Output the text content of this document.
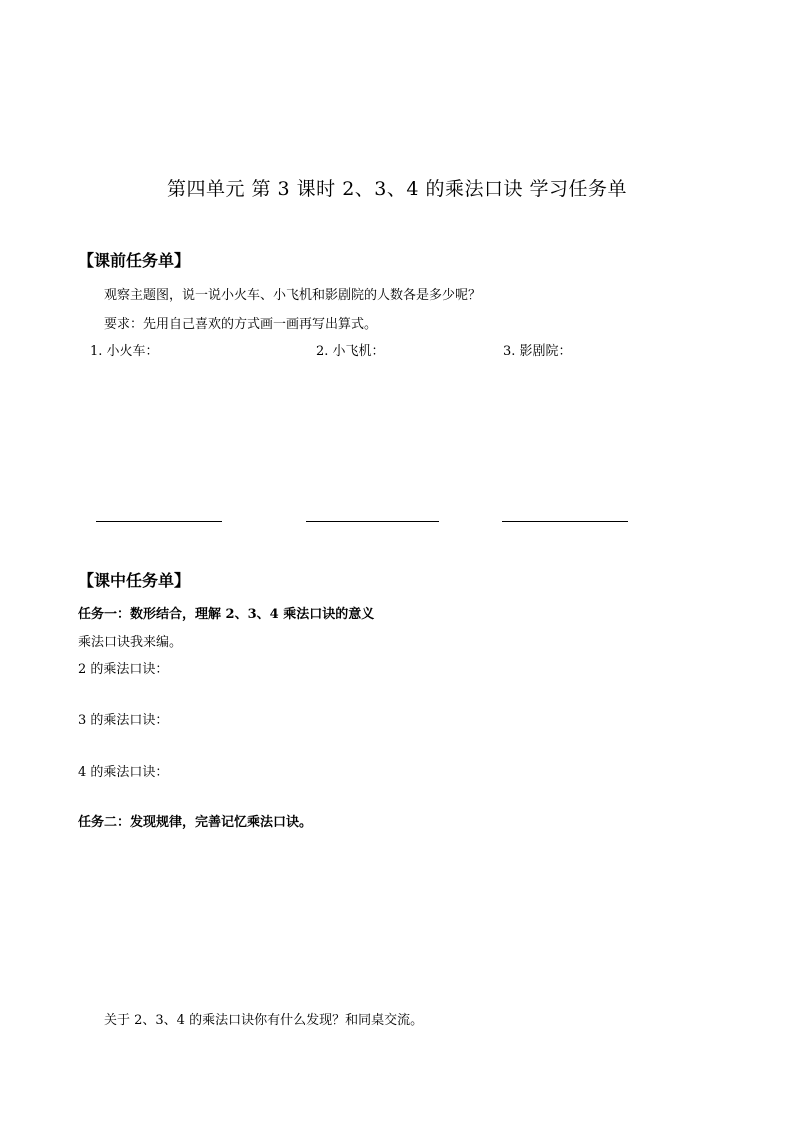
第四单元 第 3 课时 2、3、4 的乘法口诀 学习任务单
【课前任务单】
观察主题图，说一说小火车、小飞机和影剧院的人数各是多少呢？
要求：先用自己喜欢的方式画一画再写出算式。
1. 小火车：	2. 小飞机：	3. 影剧院：
【课中任务单】
任务一：数形结合，理解 2、3、4 乘法口诀的意义
乘法口诀我来编。
2 的乘法口诀：
3 的乘法口诀：
4 的乘法口诀：
任务二：发现规律，完善记忆乘法口诀。
关于 2、3、4 的乘法口诀你有什么发现？和同桌交流。
